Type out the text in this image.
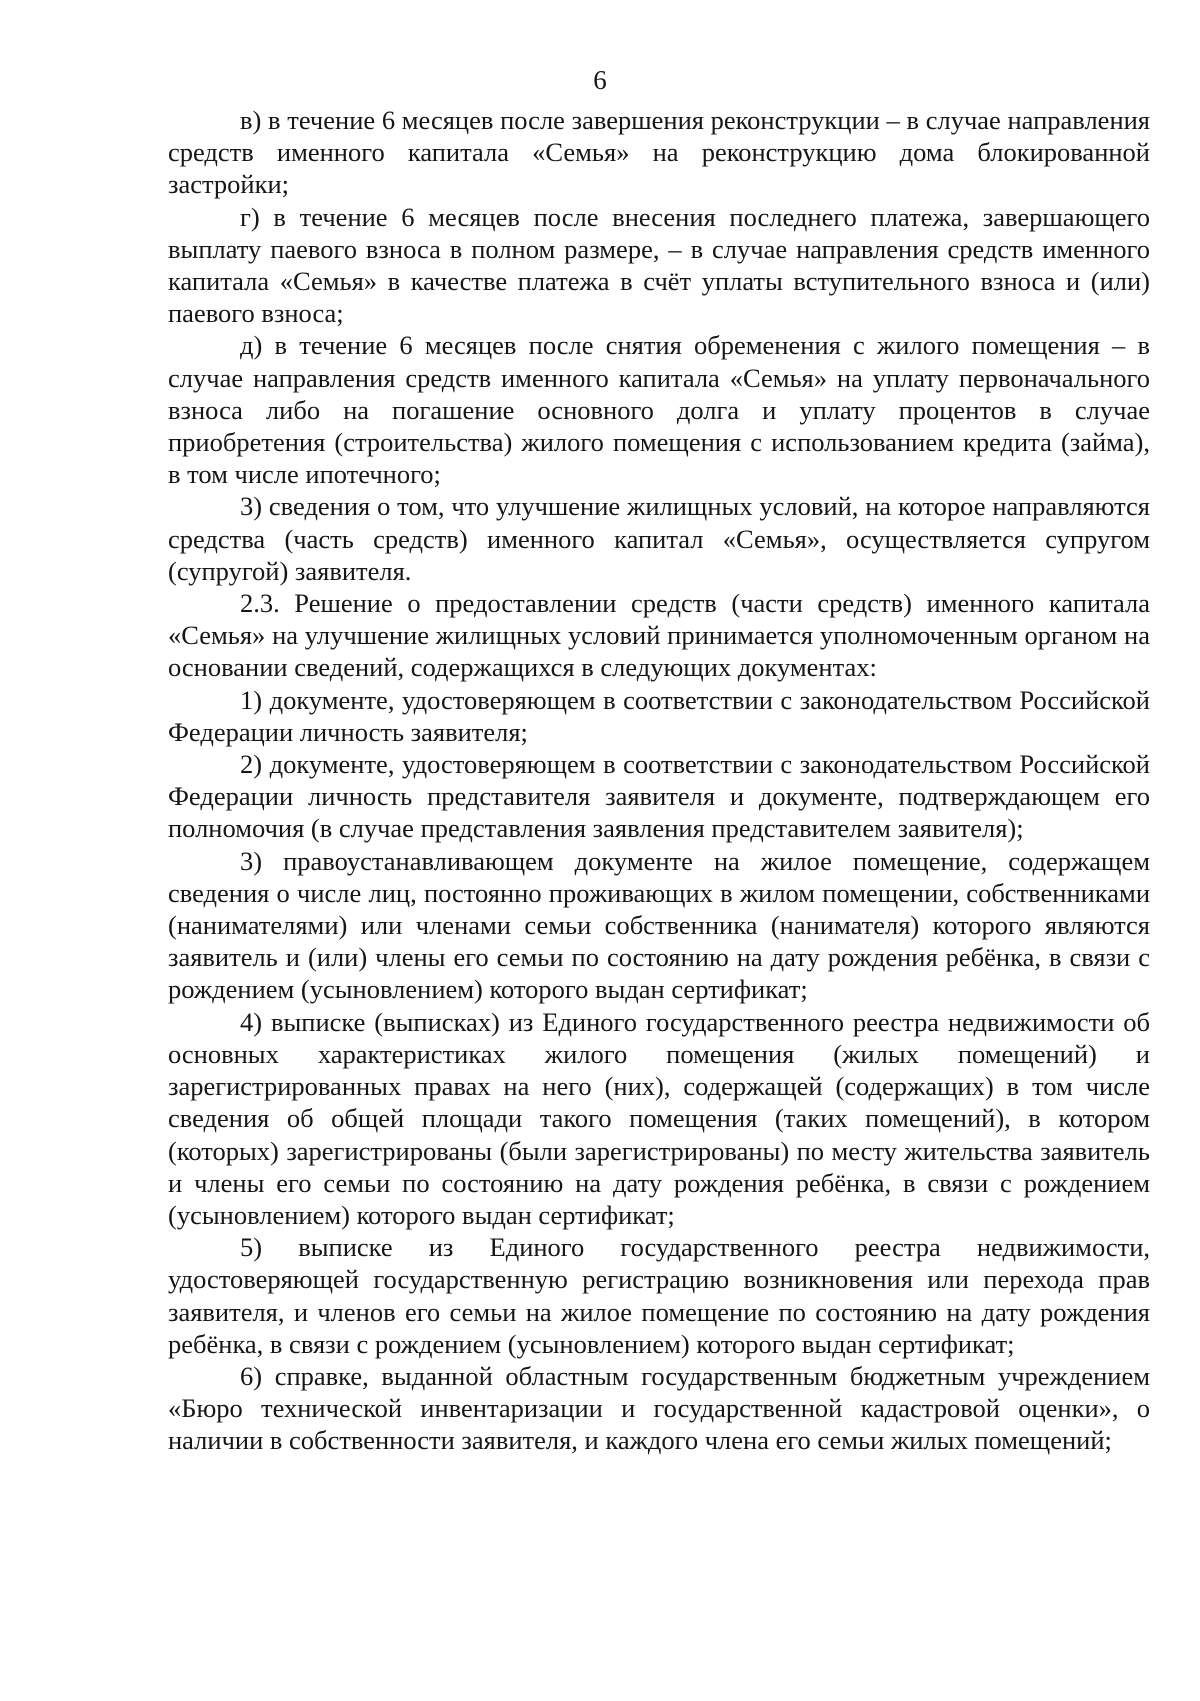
6

в) в течение 6 месяцев после завершения реконструкции – в случае направления средств именного капитала «Семья» на реконструкцию дома блокированной застройки;

г) в течение 6 месяцев после внесения последнего платежа, завершающего выплату паевого взноса в полном размере, – в случае направления средств именного капитала «Семья» в качестве платежа в счёт уплаты вступительного взноса и (или) паевого взноса;

д) в течение 6 месяцев после снятия обременения с жилого помещения – в случае направления средств именного капитала «Семья» на уплату первоначального взноса либо на погашение основного долга и уплату процентов в случае приобретения (строительства) жилого помещения с использованием кредита (займа), в том числе ипотечного;

3) сведения о том, что улучшение жилищных условий, на которое направляются средства (часть средств) именного капитал «Семья», осуществляется супругом (супругой) заявителя.

2.3. Решение о предоставлении средств (части средств) именного капитала «Семья» на улучшение жилищных условий принимается уполномоченным органом на основании сведений, содержащихся в следующих документах:

1) документе, удостоверяющем в соответствии с законодательством Российской Федерации личность заявителя;

2) документе, удостоверяющем в соответствии с законодательством Российской Федерации личность представителя заявителя и документе, подтверждающем его полномочия (в случае представления заявления представителем заявителя);

3) правоустанавливающем документе на жилое помещение, содержащем сведения о числе лиц, постоянно проживающих в жилом помещении, собственниками (нанимателями) или членами семьи собственника (нанимателя) которого являются заявитель и (или) члены его семьи по состоянию на дату рождения ребёнка, в связи с рождением (усыновлением) которого выдан сертификат;

4) выписке (выписках) из Единого государственного реестра недвижимости об основных характеристиках жилого помещения (жилых помещений) и зарегистрированных правах на него (них), содержащей (содержащих) в том числе сведения об общей площади такого помещения (таких помещений), в котором (которых) зарегистрированы (были зарегистрированы) по месту жительства заявитель и члены его семьи по состоянию на дату рождения ребёнка, в связи с рождением (усыновлением) которого выдан сертификат;

5) выписке из Единого государственного реестра недвижимости, удостоверяющей государственную регистрацию возникновения или перехода прав заявителя, и членов его семьи на жилое помещение по состоянию на дату рождения ребёнка, в связи с рождением (усыновлением) которого выдан сертификат;

6) справке, выданной областным государственным бюджетным учреждением «Бюро технической инвентаризации и государственной кадастровой оценки», о наличии в собственности заявителя, и каждого члена его семьи жилых помещений;
